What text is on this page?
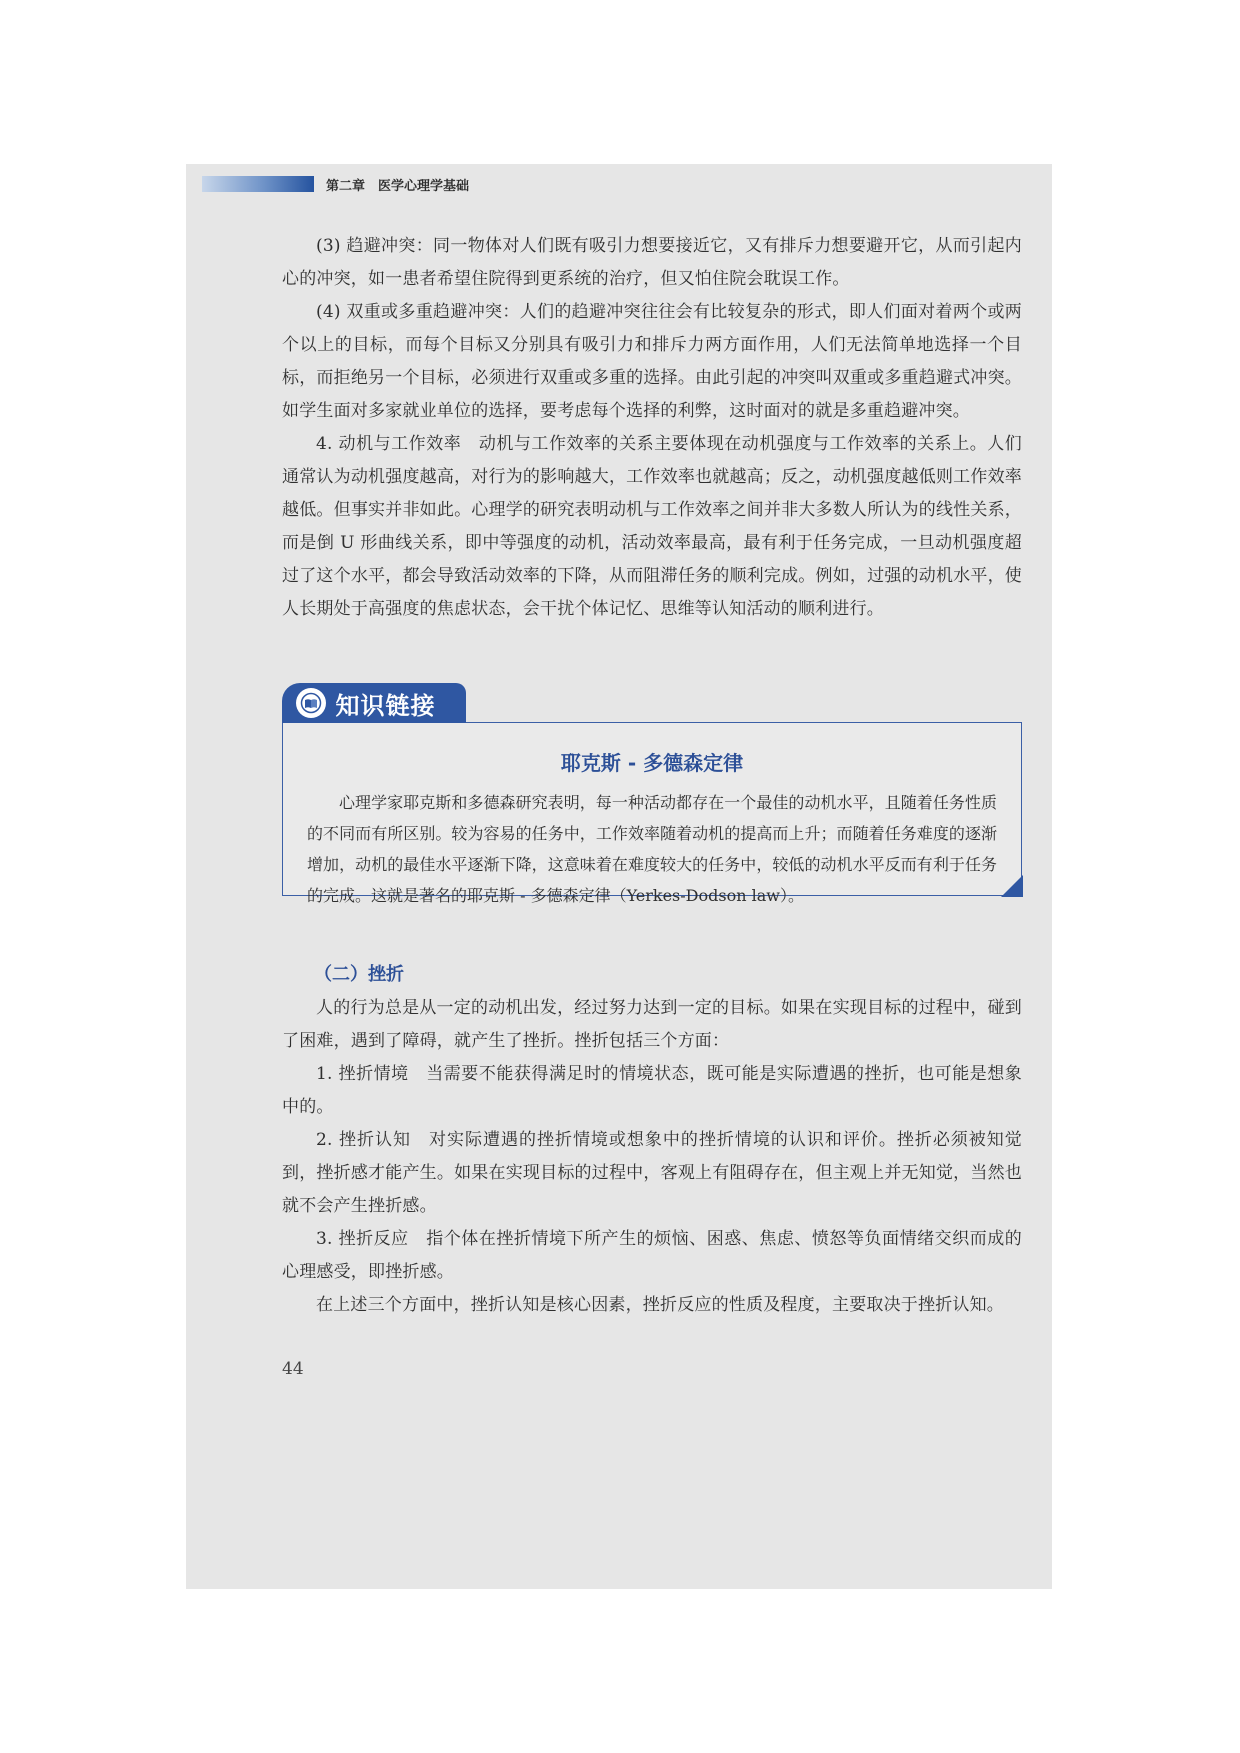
第二章　医学心理学基础

(3) 趋避冲突：同一物体对人们既有吸引力想要接近它，又有排斥力想要避开它，从而引起内心的冲突，如一患者希望住院得到更系统的治疗，但又怕住院会耽误工作。

(4) 双重或多重趋避冲突：人们的趋避冲突往往会有比较复杂的形式，即人们面对着两个或两个以上的目标，而每个目标又分别具有吸引力和排斥力两方面作用，人们无法简单地选择一个目标，而拒绝另一个目标，必须进行双重或多重的选择。由此引起的冲突叫双重或多重趋避式冲突。如学生面对多家就业单位的选择，要考虑每个选择的利弊，这时面对的就是多重趋避冲突。

4. 动机与工作效率　动机与工作效率的关系主要体现在动机强度与工作效率的关系上。人们通常认为动机强度越高，对行为的影响越大，工作效率也就越高；反之，动机强度越低则工作效率越低。但事实并非如此。心理学的研究表明动机与工作效率之间并非大多数人所认为的线性关系，而是倒 U 形曲线关系，即中等强度的动机，活动效率最高，最有利于任务完成，一旦动机强度超过了这个水平，都会导致活动效率的下降，从而阻滞任务的顺利完成。例如，过强的动机水平，使人长期处于高强度的焦虑状态，会干扰个体记忆、思维等认知活动的顺利进行。

知识链接
耶克斯 - 多德森定律

心理学家耶克斯和多德森研究表明，每一种活动都存在一个最佳的动机水平，且随着任务性质的不同而有所区别。较为容易的任务中，工作效率随着动机的提高而上升；而随着任务难度的逐渐增加，动机的最佳水平逐渐下降，这意味着在难度较大的任务中，较低的动机水平反而有利于任务的完成。这就是著名的耶克斯 - 多德森定律（Yerkes-Dodson law）。

（二）挫折

人的行为总是从一定的动机出发，经过努力达到一定的目标。如果在实现目标的过程中，碰到了困难，遇到了障碍，就产生了挫折。挫折包括三个方面：

1. 挫折情境　当需要不能获得满足时的情境状态，既可能是实际遭遇的挫折，也可能是想象中的。

2. 挫折认知　对实际遭遇的挫折情境或想象中的挫折情境的认识和评价。挫折必须被知觉到，挫折感才能产生。如果在实现目标的过程中，客观上有阻碍存在，但主观上并无知觉，当然也就不会产生挫折感。

3. 挫折反应　指个体在挫折情境下所产生的烦恼、困惑、焦虑、愤怒等负面情绪交织而成的心理感受，即挫折感。

在上述三个方面中，挫折认知是核心因素，挫折反应的性质及程度，主要取决于挫折认知。

44
